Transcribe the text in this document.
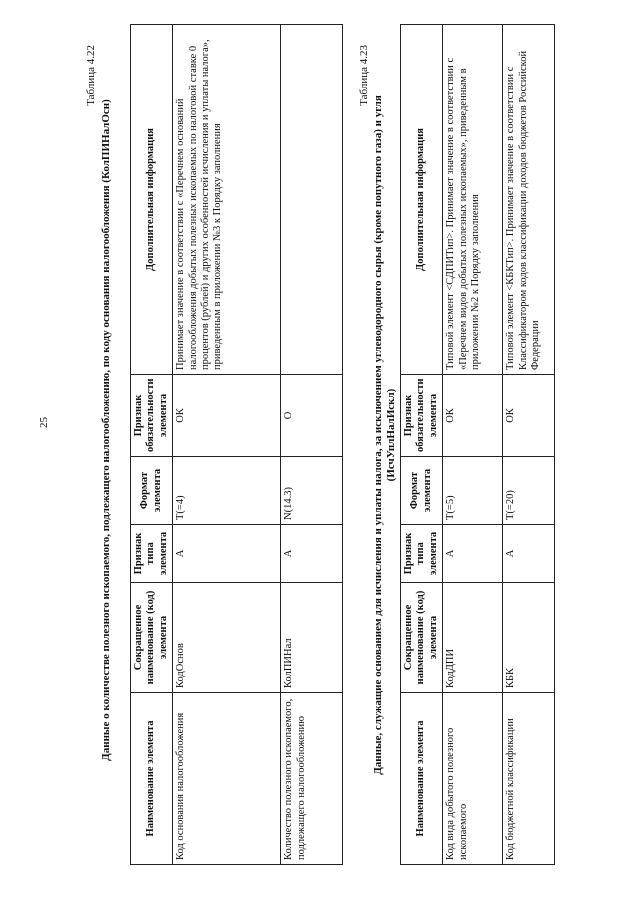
25
Таблица 4.22
Данные о количестве полезного ископаемого, подлежащего налогообложению, по коду основания налогообложения (КолПИНалОсн)
Наименование элемента	Сокращенное наименование (код) элемента	Признак типа элемента	Формат элемента	Признак обязательности элемента	Дополнительная информация
Код основания налогообложения	КодОснов	А	T(=4)	ОК	Принимает значение в соответствии с «Перечнем оснований налогообложения добытых полезных ископаемых по налоговой ставке 0 процентов (рублей) и других особенностей исчисления и уплаты налога», приведенным в приложении №3 к Порядку заполнения
Количество полезного ископаемого, подлежащего налогообложению	КолПИНал	А	N(14.3)	О	
Таблица 4.23
Данные, служащие основанием для исчисления и уплаты налога, за исключением углеводородного сырья (кроме попутного газа) и угля (ИсчУплНалИскл)
Наименование элемента	Сокращенное наименование (код) элемента	Признак типа элемента	Формат элемента	Признак обязательности элемента	Дополнительная информация
Код вида добытого полезного ископаемого	КодДПИ	А	T(=5)	ОК	Типовой элемент <СДПИТип>. Принимает значение в соответствии с «Перечнем видов добытых полезных ископаемых», приведенным в приложении №2 к Порядку заполнения
Код бюджетной классификации	КБК	А	T(=20)	ОК	Типовой элемент <КБКТип>. Принимает значение в соответствии с Классификатором кодов классификации доходов бюджетов Российской Федерации
